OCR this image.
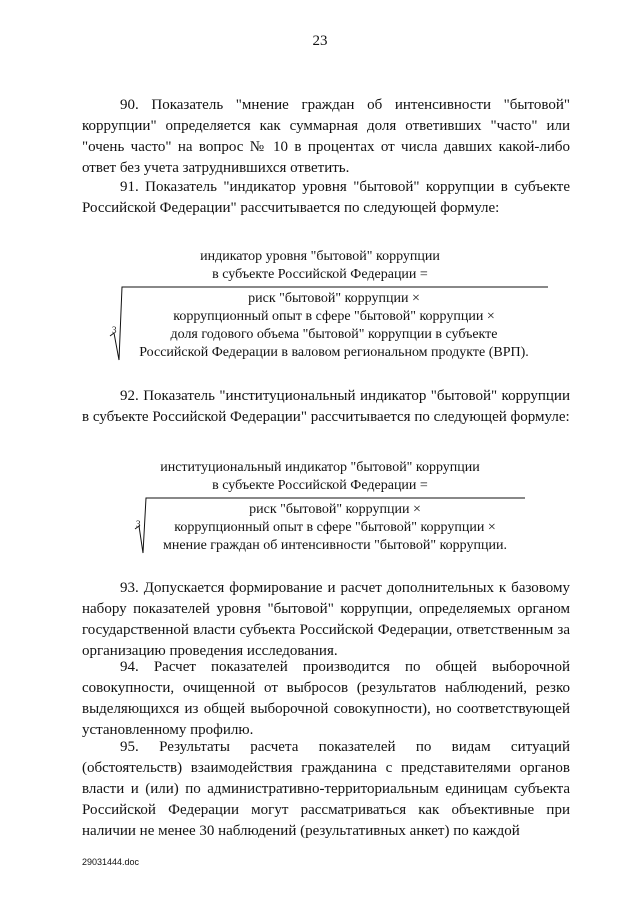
23
90. Показатель "мнение граждан об интенсивности "бытовой" коррупции" определяется как суммарная доля ответивших "часто" или "очень часто" на вопрос № 10 в процентах от числа давших какой-либо ответ без учета затруднившихся ответить.
91. Показатель "индикатор уровня "бытовой" коррупции в субъекте Российской Федерации" рассчитывается по следующей формуле:
индикатор уровня "бытовой" коррупции
в субъекте Российской Федерации =
3
риск "бытовой" коррупции ×
коррупционный опыт в сфере "бытовой" коррупции ×
доля годового объема "бытовой" коррупции в субъекте
Российской Федерации в валовом региональном продукте (ВРП).
92. Показатель "институциональный индикатор "бытовой" коррупции в субъекте Российской Федерации" рассчитывается по следующей формуле:
институциональный индикатор "бытовой" коррупции
в субъекте Российской Федерации =
3
риск "бытовой" коррупции ×
коррупционный опыт в сфере "бытовой" коррупции ×
мнение граждан об интенсивности "бытовой" коррупции.
93. Допускается формирование и расчет дополнительных к базовому набору показателей уровня "бытовой" коррупции, определяемых органом государственной власти субъекта Российской Федерации, ответственным за организацию проведения исследования.
94. Расчет показателей производится по общей выборочной совокупности, очищенной от выбросов (результатов наблюдений, резко выделяющихся из общей выборочной совокупности), но соответствующей установленному профилю.
95. Результаты расчета показателей по видам ситуаций (обстоятельств) взаимодействия гражданина с представителями органов власти и (или) по административно-территориальным единицам субъекта Российской Федерации могут рассматриваться как объективные при наличии не менее 30 наблюдений (результативных анкет) по каждой
29031444.doc
